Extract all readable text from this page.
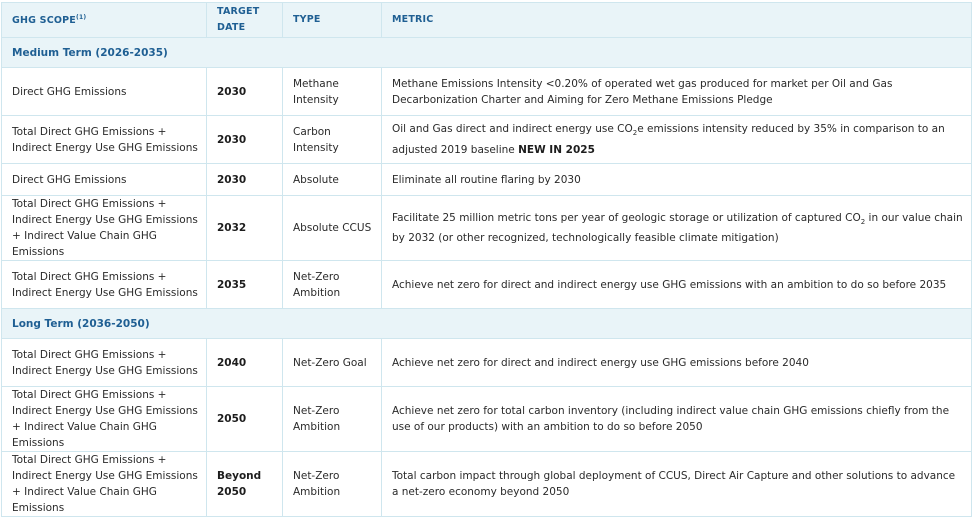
GHG SCOPE$^{(1)}$	TARGET DATE	TYPE	METRIC
Medium Term (2026-2035)			
Direct GHG Emissions	2030	Methane Intensity	Methane Emissions Intensity <0.20% of operated wet gas produced for market per Oil and Gas Decarbonization Charter and Aiming for Zero Methane Emissions Pledge
Total Direct GHG Emissions + Indirect Energy Use GHG Emissions	2030	Carbon Intensity	Oil and Gas direct and indirect energy use $CO_2e$ emissions intensity reduced by 35% in comparison to an adjusted 2019 baseline NEW IN 2025
Direct GHG Emissions	2030	Absolute	Eliminate all routine flaring by 2030
Total Direct GHG Emissions + Indirect Energy Use GHG Emissions + Indirect Value Chain GHG Emissions	2032	Absolute CCUS	Facilitate 25 million metric tons per year of geologic storage or utilization of captured $CO_2$ in our value chain by 2032 (or other recognized, technologically feasible climate mitigation)
Total Direct GHG Emissions + Indirect Energy Use GHG Emissions	2035	Net-Zero Ambition	Achieve net zero for direct and indirect energy use GHG emissions with an ambition to do so before 2035
Long Term (2036-2050)			
Total Direct GHG Emissions + Indirect Energy Use GHG Emissions	2040	Net-Zero Goal	Achieve net zero for direct and indirect energy use GHG emissions before 2040
Total Direct GHG Emissions + Indirect Energy Use GHG Emissions + Indirect Value Chain GHG Emissions	2050	Net-Zero Ambition	Achieve net zero for total carbon inventory (including indirect value chain GHG emissions chiefly from the use of our products) with an ambition to do so before 2050
Total Direct GHG Emissions + Indirect Energy Use GHG Emissions + Indirect Value Chain GHG Emissions	Beyond 2050	Net-Zero Ambition	Total carbon impact through global deployment of CCUS, Direct Air Capture and other solutions to advance a net-zero economy beyond 2050
